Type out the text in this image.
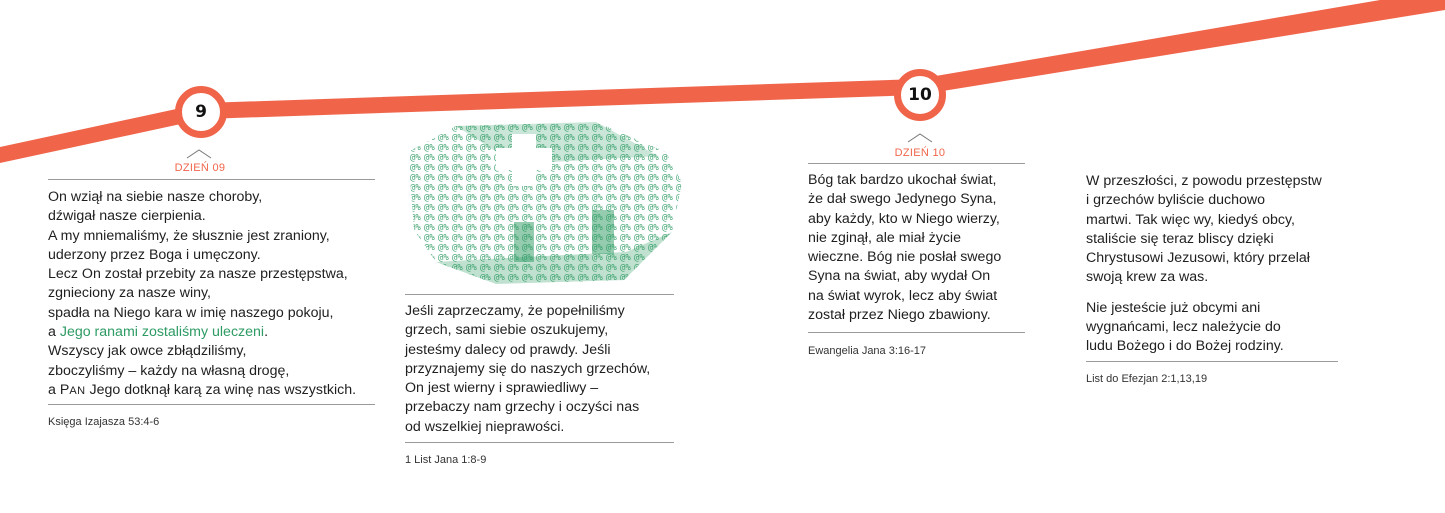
9
10
DZIEŃ 09
On wziął na siebie nasze choroby,
dźwigał nasze cierpienia.
A my mniemaliśmy, że słusznie jest zraniony,
uderzony przez Boga i umęczony.
Lecz On został przebity za nasze przestępstwa,
zgnieciony za nasze winy,
spadła na Niego kara w imię naszego pokoju,
a Jego ranami zostaliśmy uleczeni.
Wszyscy jak owce zbłądziliśmy,
zboczyliśmy – każdy na własną drogę,
a PAN Jego dotknął karą za winę nas wszystkich.
Księga Izajasza 53:4-6
Jeśli zaprzeczamy, że popełniliśmy
grzech, sami siebie oszukujemy,
jesteśmy dalecy od prawdy. Jeśli
przyznajemy się do naszych grzechów,
On jest wierny i sprawiedliwy –
przebaczy nam grzechy i oczyści nas
od wszelkiej nieprawości.
1 List Jana 1:8-9
DZIEŃ 10
Bóg tak bardzo ukochał świat,
że dał swego Jedynego Syna,
aby każdy, kto w Niego wierzy,
nie zginął, ale miał życie
wieczne. Bóg nie posłał swego
Syna na świat, aby wydał On
na świat wyrok, lecz aby świat
został przez Niego zbawiony.
Ewangelia Jana 3:16-17

W przeszłości, z powodu przestępstw
i grzechów byliście duchowo
martwi. Tak więc wy, kiedyś obcy,
staliście się teraz bliscy dzięki
Chrystusowi Jezusowi, który przelał
swoją krew za was.

Nie jesteście już obcymi ani
wygnańcami, lecz należycie do
ludu Bożego i do Bożej rodziny.

List do Efezjan 2:1,13,19
